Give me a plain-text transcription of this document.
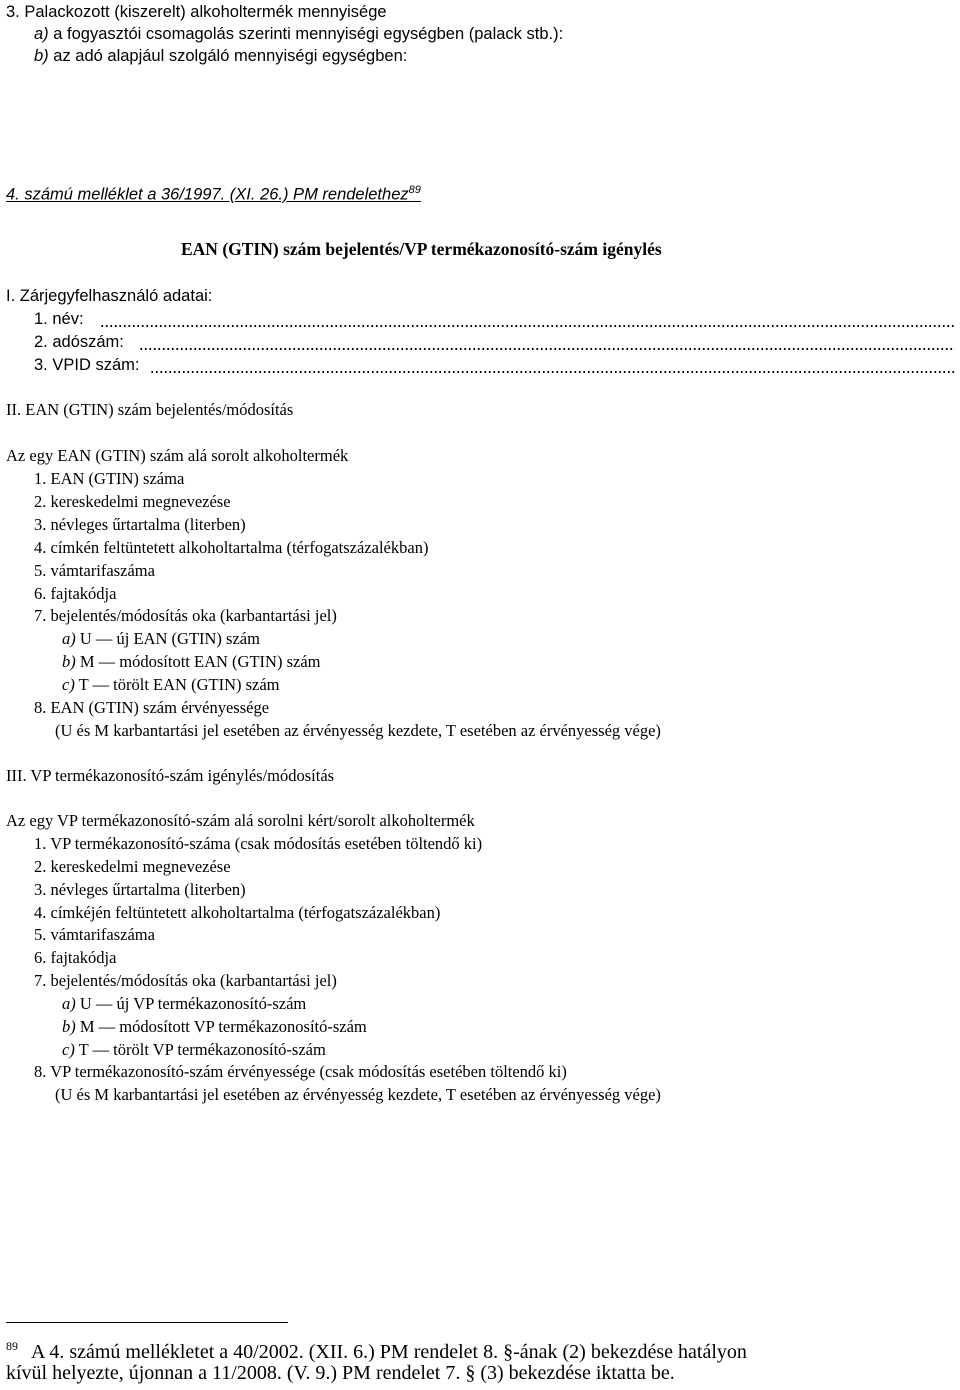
3. Palackozott (kiszerelt) alkoholtermék mennyisége
a) a fogyasztói csomagolás szerinti mennyiségi egységben (palack stb.):
b) az adó alapjául szolgáló mennyiségi egységben:
4. számú melléklet a 36/1997. (XI. 26.) PM rendelethez$^{89}$
EAN (GTIN) szám bejelentés/VP termékazonosító-szám igénylés
I. Zárjegyfelhasználó adatai:
1. név:
2. adószám:
3. VPID szám:
II. EAN (GTIN) szám bejelentés/módosítás
Az egy EAN (GTIN) szám alá sorolt alkoholtermék
1. EAN (GTIN) száma
2. kereskedelmi megnevezése
3. névleges űrtartalma (literben)
4. címkén feltüntetett alkoholtartalma (térfogatszázalékban)
5. vámtarifaszáma
6. fajtakódja
7. bejelentés/módosítás oka (karbantartási jel)
a) U — új EAN (GTIN) szám
b) M — módosított EAN (GTIN) szám
c) T — törölt EAN (GTIN) szám
8. EAN (GTIN) szám érvényessége
(U és M karbantartási jel esetében az érvényesség kezdete, T esetében az érvényesség vége)
III. VP termékazonosító-szám igénylés/módosítás
Az egy VP termékazonosító-szám alá sorolni kért/sorolt alkoholtermék
1. VP termékazonosító-száma (csak módosítás esetében töltendő ki)
2. kereskedelmi megnevezése
3. névleges űrtartalma (literben)
4. címkéjén feltüntetett alkoholtartalma (térfogatszázalékban)
5. vámtarifaszáma
6. fajtakódja
7. bejelentés/módosítás oka (karbantartási jel)
a) U — új VP termékazonosító-szám
b) M — módosított VP termékazonosító-szám
c) T — törölt VP termékazonosító-szám
8. VP termékazonosító-szám érvényessége (csak módosítás esetében töltendő ki)
(U és M karbantartási jel esetében az érvényesség kezdete, T esetében az érvényesség vége)
$^{89}$ A 4. számú mellékletet a 40/2002. (XII. 6.) PM rendelet 8. §-ának (2) bekezdése hatályon
kívül helyezte, újonnan a 11/2008. (V. 9.) PM rendelet 7. § (3) bekezdése iktatta be.
